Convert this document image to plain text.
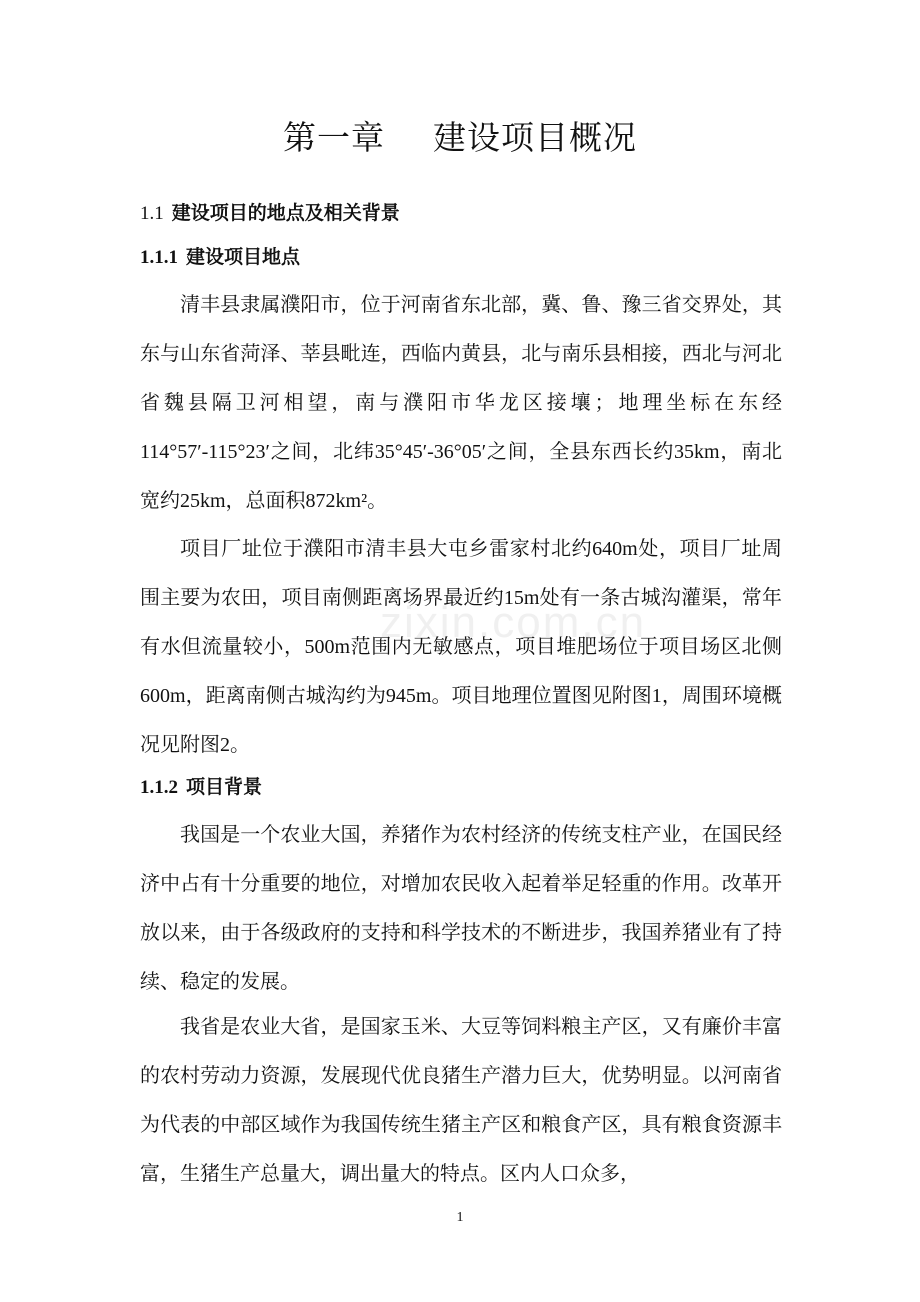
第一章 建设项目概况
1.1 建设项目的地点及相关背景
1.1.1 建设项目地点

清丰县隶属濮阳市，位于河南省东北部，冀、鲁、豫三省交界处，其东与山东省菏泽、莘县毗连，西临内黄县，北与南乐县相接，西北与河北省魏县隔卫河相望，南与濮阳市华龙区接壤；地理坐标在东经114°57′-115°23′之间，北纬35°45′-36°05′之间，全县东西长约35km，南北宽约25km，总面积872km²。

项目厂址位于濮阳市清丰县大屯乡雷家村北约640m处，项目厂址周围主要为农田，项目南侧距离场界最近约15m处有一条古城沟灌渠，常年有水但流量较小，500m范围内无敏感点，项目堆肥场位于项目场区北侧600m，距离南侧古城沟约为945m。项目地理位置图见附图1，周围环境概况见附图2。

1.1.2 项目背景

我国是一个农业大国，养猪作为农村经济的传统支柱产业，在国民经济中占有十分重要的地位，对增加农民收入起着举足轻重的作用。改革开放以来，由于各级政府的支持和科学技术的不断进步，我国养猪业有了持续、稳定的发展。

我省是农业大省，是国家玉米、大豆等饲料粮主产区，又有廉价丰富的农村劳动力资源，发展现代优良猪生产潜力巨大，优势明显。以河南省为代表的中部区域作为我国传统生猪主产区和粮食产区，具有粮食资源丰富，生猪生产总量大，调出量大的特点。区内人口众多，

zixin.com.cn
1
